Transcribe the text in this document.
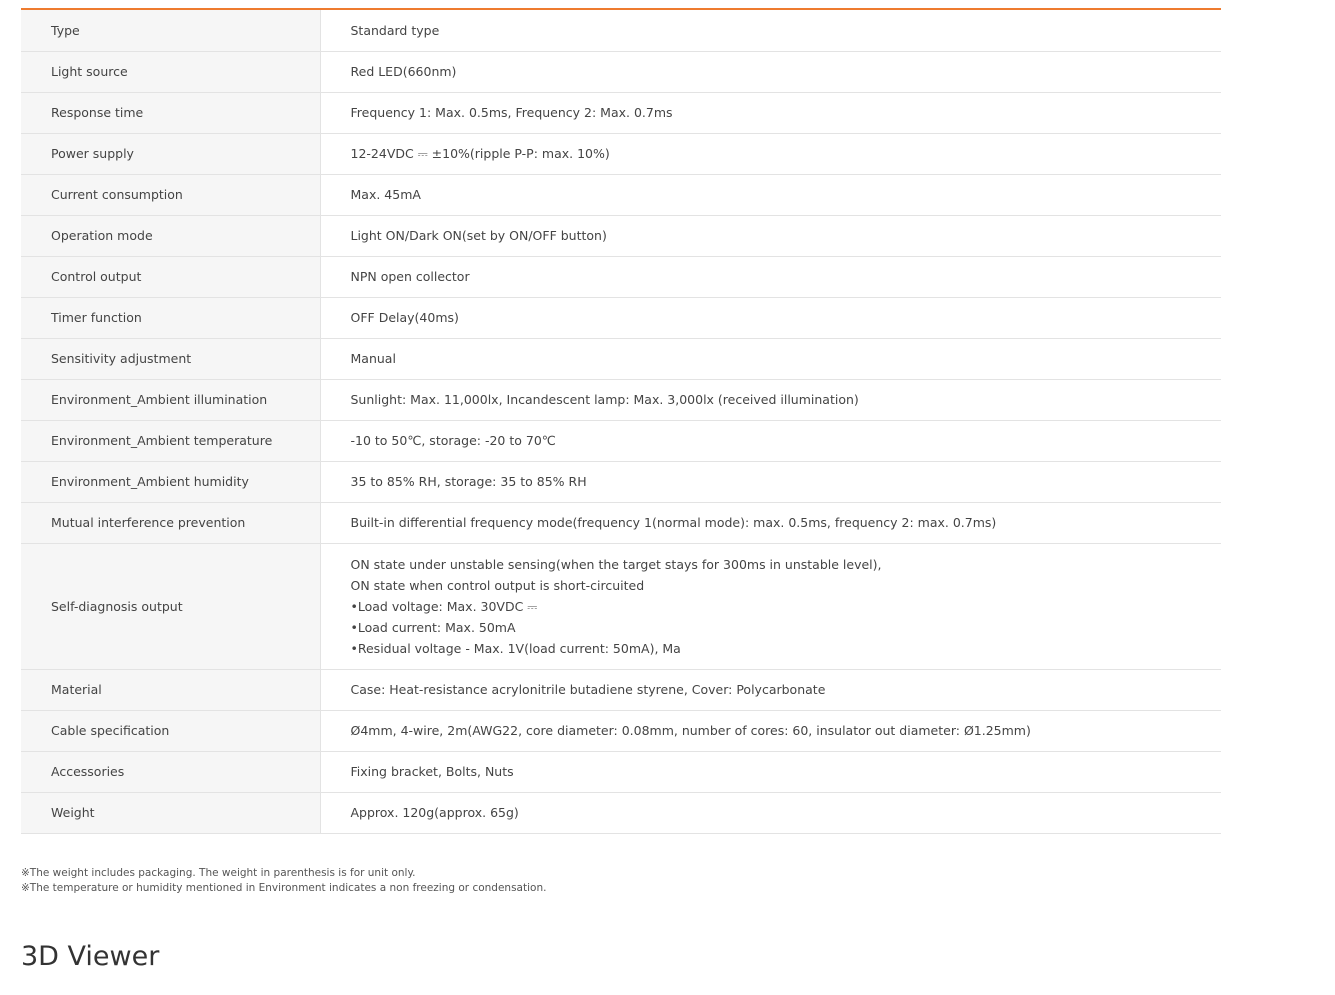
Type	Standard type

Light source	Red LED(660nm)

Response time	Frequency 1: Max. 0.5ms, Frequency 2: Max. 0.7ms

Power supply	12-24VDC ⎓ ±10%(ripple P-P: max. 10%)

Current consumption	Max. 45mA

Operation mode	Light ON/Dark ON(set by ON/OFF button)

Control output	NPN open collector

Timer function	OFF Delay(40ms)

Sensitivity adjustment	Manual

Environment_Ambient illumination	Sunlight: Max. 11,000lx, Incandescent lamp: Max. 3,000lx (received illumination)

Environment_Ambient temperature	-10 to 50℃, storage: -20 to 70℃

Environment_Ambient humidity	35 to 85% RH, storage: 35 to 85% RH

Mutual interference prevention	Built-in differential frequency mode(frequency 1(normal mode): max. 0.5ms, frequency 2: max. 0.7ms)

Self-diagnosis output	ON state under unstable sensing(when the target stays for 300ms in unstable level),
ON state when control output is short-circuited
•Load voltage: Max. 30VDC ⎓
•Load current: Max. 50mA
•Residual voltage - Max. 1V(load current: 50mA), Ma

Material	Case: Heat-resistance acrylonitrile butadiene styrene, Cover: Polycarbonate

Cable specification	Ø4mm, 4-wire, 2m(AWG22, core diameter: 0.08mm, number of cores: 60, insulator out diameter: Ø1.25mm)

Accessories	Fixing bracket, Bolts, Nuts

Weight	Approx. 120g(approx. 65g)
※The weight includes packaging. The weight in parenthesis is for unit only.
※The temperature or humidity mentioned in Environment indicates a non freezing or condensation.
3D Viewer
